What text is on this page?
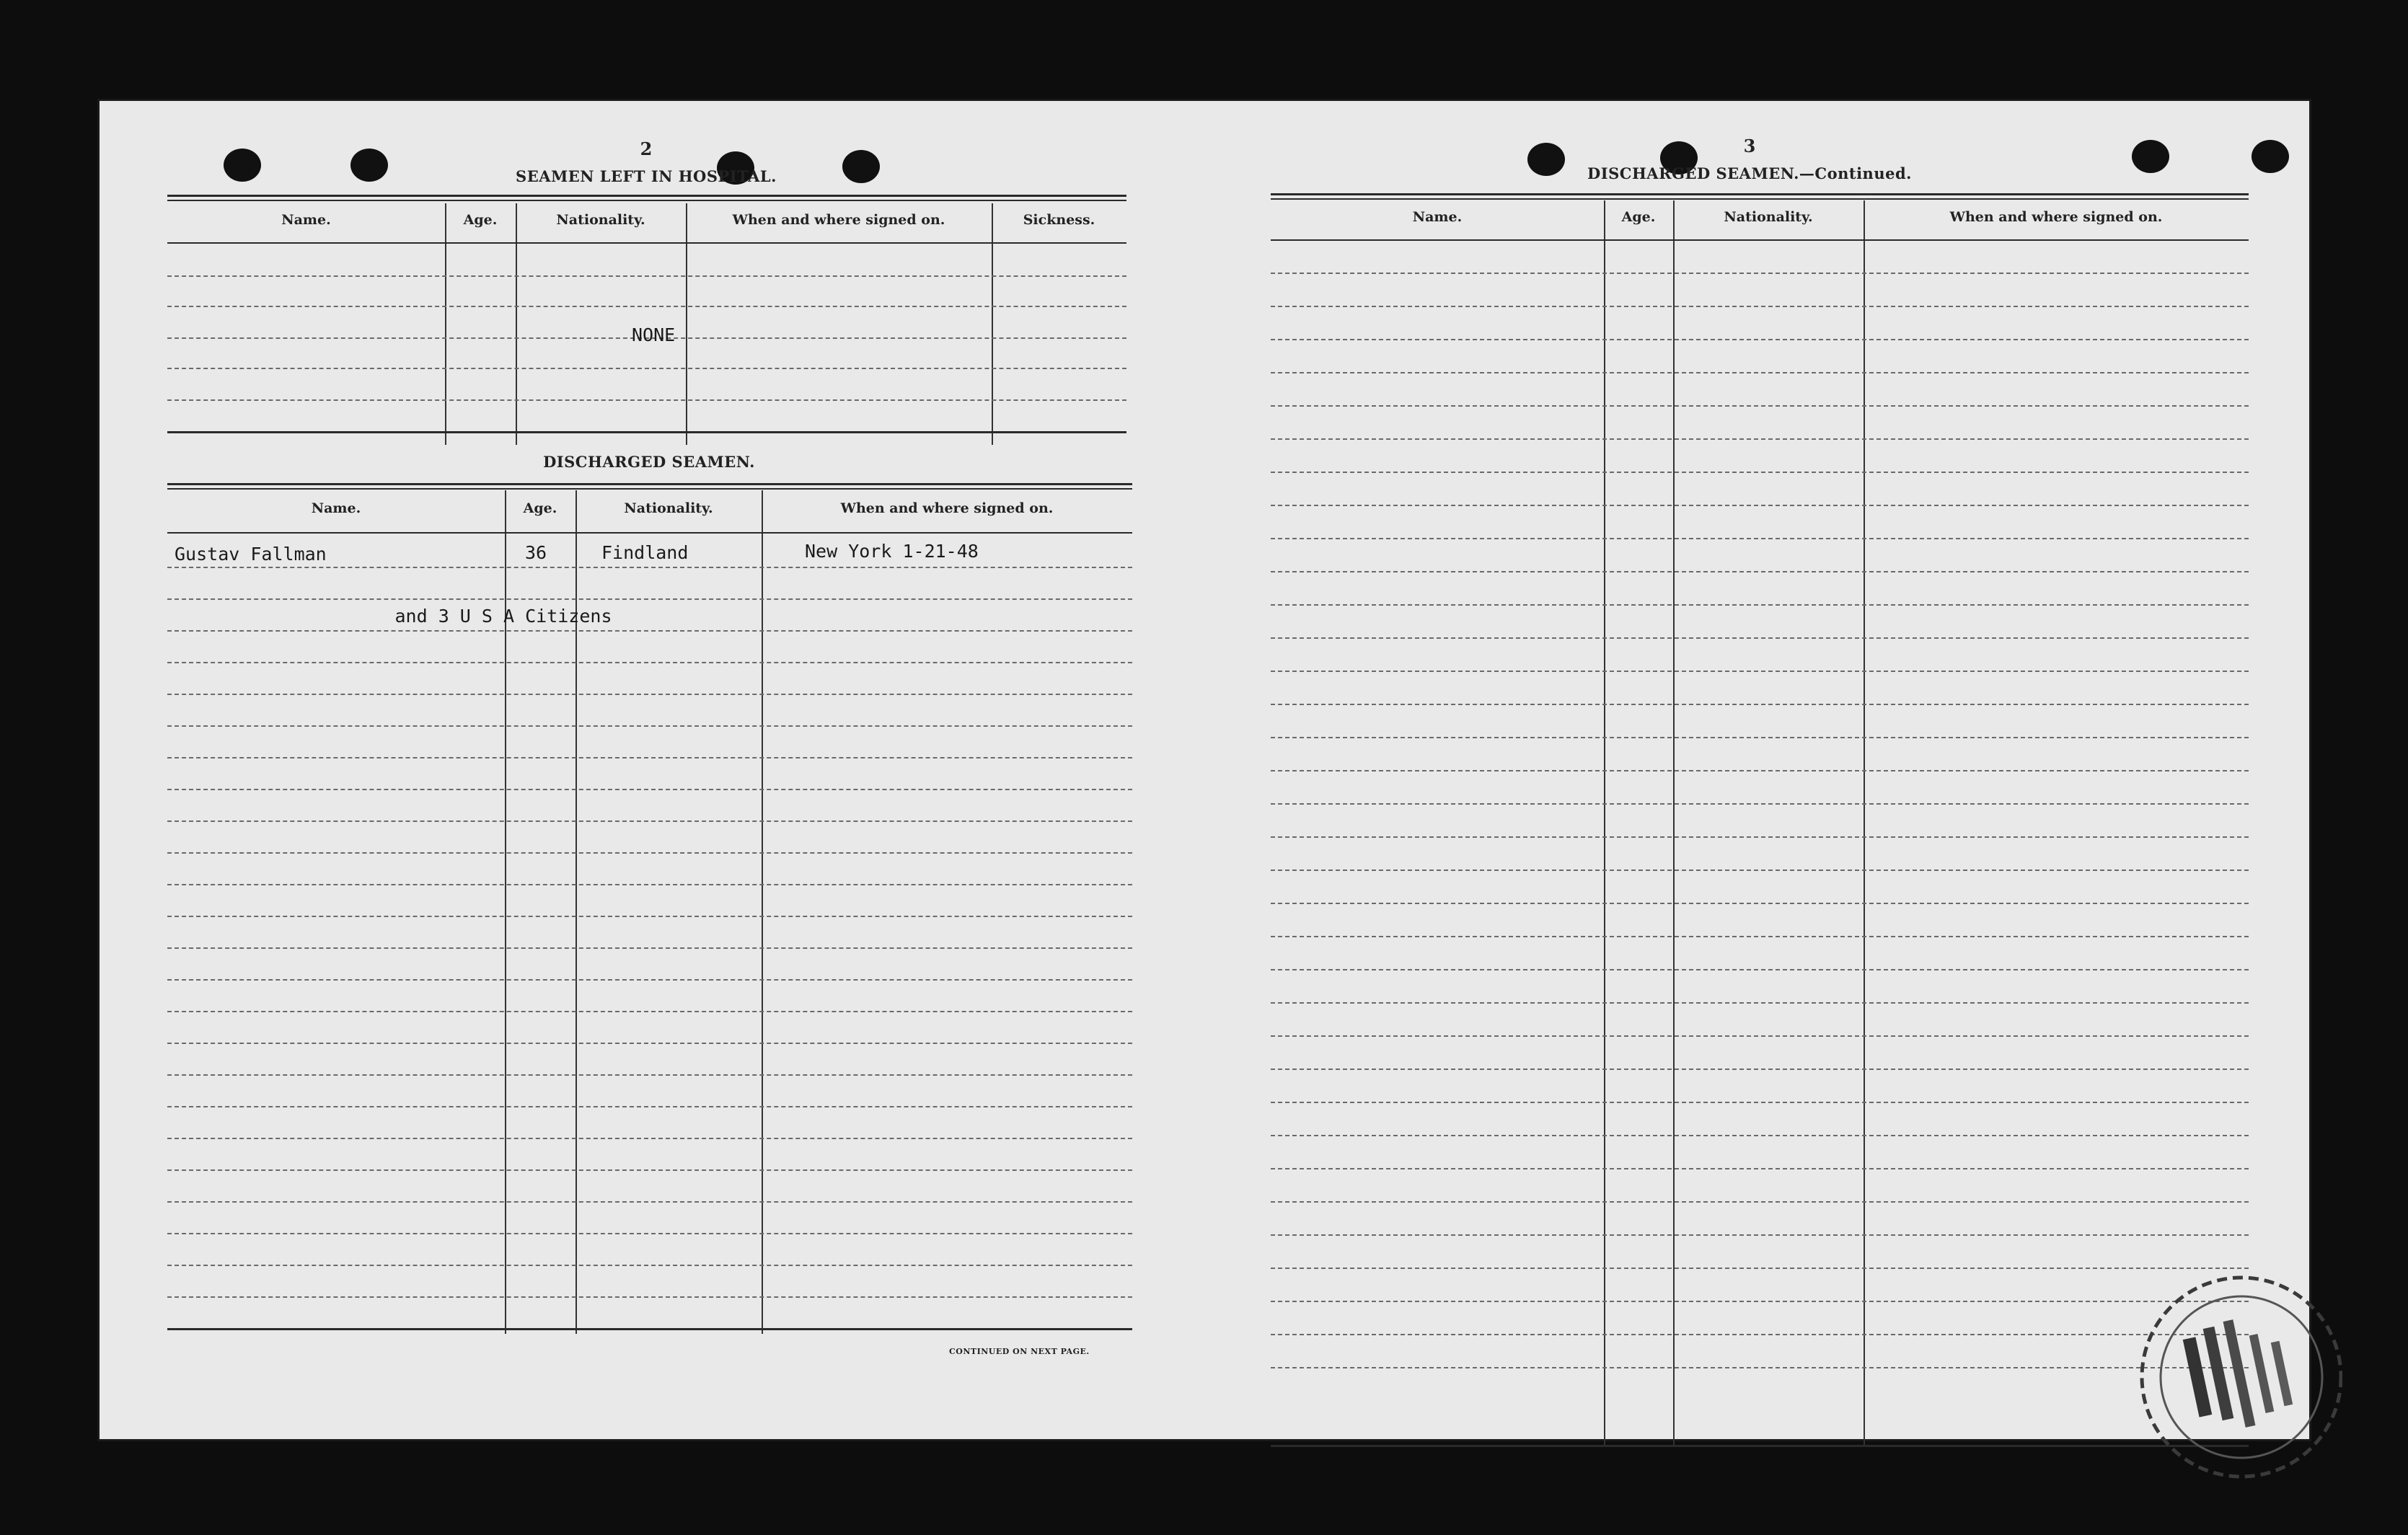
2
SEAMEN LEFT IN HOSPITAL.
Name.	Age.	Nationality.	When and where signed on.	Sickness.
NONE
DISCHARGED SEAMEN.
Name.	Age.	Nationality.	When and where signed on.
Gustav Fallman	36	Findland	New York 1-21-48
and 3 U S A Citizens
CONTINUED ON NEXT PAGE.
3
DISCHARGED SEAMEN.—Continued.
Name.	Age.	Nationality.	When and where signed on.
